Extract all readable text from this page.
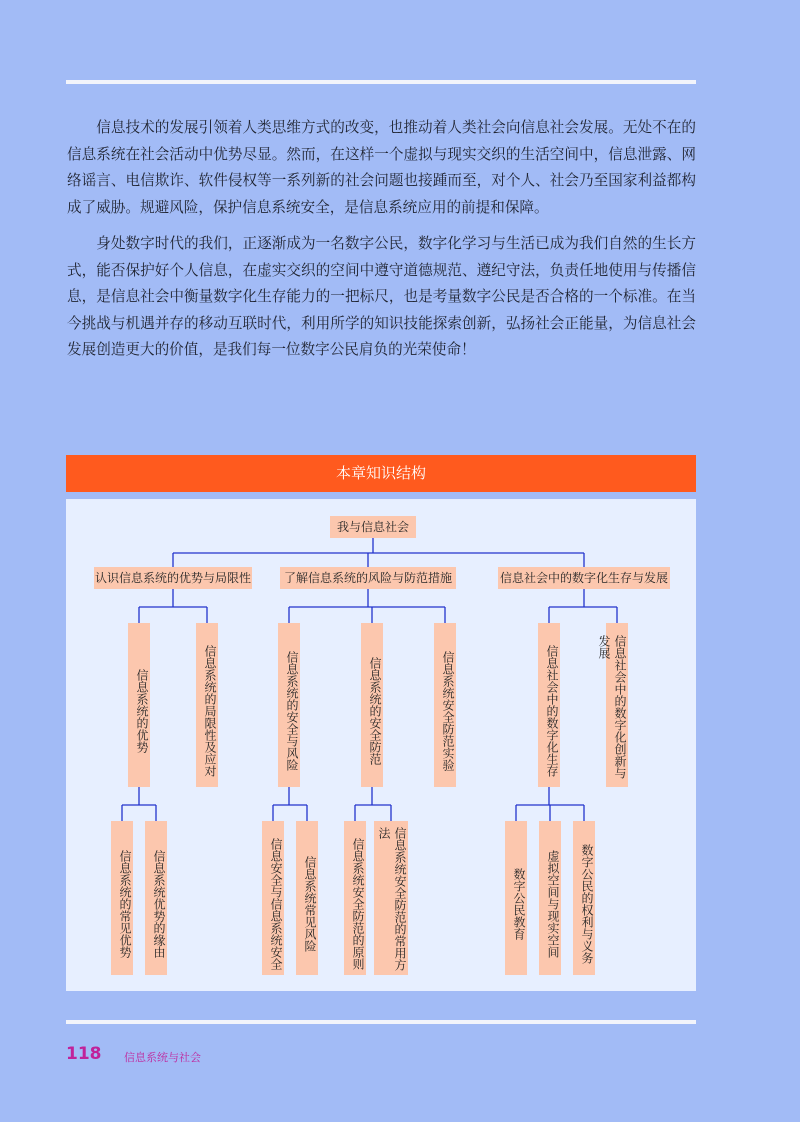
信息技术的发展引领着人类思维方式的改变，也推动着人类社会向信息社会发展。无处不在的信息系统在社会活动中优势尽显。然而，在这样一个虚拟与现实交织的生活空间中，信息泄露、网络谣言、电信欺诈、软件侵权等一系列新的社会问题也接踵而至，对个人、社会乃至国家利益都构成了威胁。规避风险，保护信息系统安全，是信息系统应用的前提和保障。

身处数字时代的我们，正逐渐成为一名数字公民，数字化学习与生活已成为我们自然的生长方式，能否保护好个人信息，在虚实交织的空间中遵守道德规范、遵纪守法，负责任地使用与传播信息，是信息社会中衡量数字化生存能力的一把标尺，也是考量数字公民是否合格的一个标准。在当今挑战与机遇并存的移动互联时代，利用所学的知识技能探索创新，弘扬社会正能量，为信息社会发展创造更大的价值，是我们每一位数字公民肩负的光荣使命！

本章知识结构
我与信息社会
认识信息系统的优势与局限性	了解信息系统的风险与防范措施	信息社会中的数字化生存与发展
信息系统的优势	信息系统的局限性及应对	信息系统的安全与风险	信息系统的安全防范	信息系统安全防范实验	信息社会中的数字化生存	信息社会中的数字化创新与发展
信息系统的常见优势	信息系统优势的缘由	信息安全与信息系统安全	信息系统常见风险	信息系统安全防范的原则	信息系统安全防范的常用方法
数字公民教育	虚拟空间与现实空间	数字公民的权利与义务
118 信息系统与社会
